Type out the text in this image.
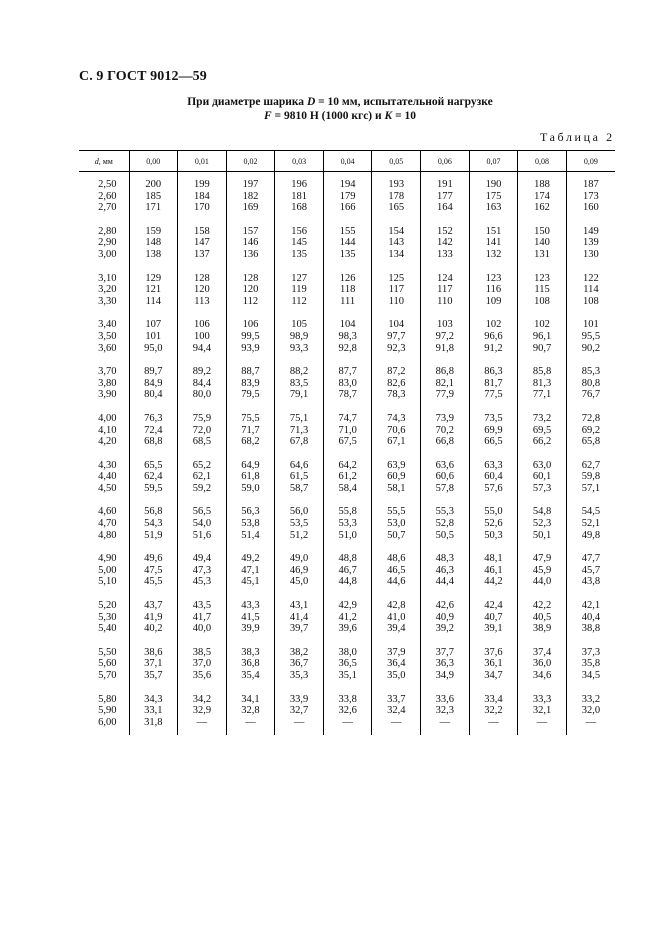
С. 9 ГОСТ 9012—59
При диаметре шарика D = 10 мм, испытательной нагрузке
F = 9810 Н (1000 кгс) и K = 10
Таблица 2
d, мм	0,00	0,01	0,02	0,03	0,04	0,05	0,06	0,07	0,08	0,09

2,50	200	199	197	196	194	193	191	190	188	187
2,60	185	184	182	181	179	178	177	175	174	173
2,70	171	170	169	168	166	165	164	163	162	160

2,80	159	158	157	156	155	154	152	151	150	149
2,90	148	147	146	145	144	143	142	141	140	139
3,00	138	137	136	135	135	134	133	132	131	130

3,10	129	128	128	127	126	125	124	123	123	122
3,20	121	120	120	119	118	117	117	116	115	114
3,30	114	113	112	112	111	110	110	109	108	108

3,40	107	106	106	105	104	104	103	102	102	101
3,50	101	100	99,5	98,9	98,3	97,7	97,2	96,6	96,1	95,5
3,60	95,0	94,4	93,9	93,3	92,8	92,3	91,8	91,2	90,7	90,2

3,70	89,7	89,2	88,7	88,2	87,7	87,2	86,8	86,3	85,8	85,3
3,80	84,9	84,4	83,9	83,5	83,0	82,6	82,1	81,7	81,3	80,8
3,90	80,4	80,0	79,5	79,1	78,7	78,3	77,9	77,5	77,1	76,7

4,00	76,3	75,9	75,5	75,1	74,7	74,3	73,9	73,5	73,2	72,8
4,10	72,4	72,0	71,7	71,3	71,0	70,6	70,2	69,9	69,5	69,2
4,20	68,8	68,5	68,2	67,8	67,5	67,1	66,8	66,5	66,2	65,8

4,30	65,5	65,2	64,9	64,6	64,2	63,9	63,6	63,3	63,0	62,7
4,40	62,4	62,1	61,8	61,5	61,2	60,9	60,6	60,4	60,1	59,8
4,50	59,5	59,2	59,0	58,7	58,4	58,1	57,8	57,6	57,3	57,1

4,60	56,8	56,5	56,3	56,0	55,8	55,5	55,3	55,0	54,8	54,5
4,70	54,3	54,0	53,8	53,5	53,3	53,0	52,8	52,6	52,3	52,1
4,80	51,9	51,6	51,4	51,2	51,0	50,7	50,5	50,3	50,1	49,8

4,90	49,6	49,4	49,2	49,0	48,8	48,6	48,3	48,1	47,9	47,7
5,00	47,5	47,3	47,1	46,9	46,7	46,5	46,3	46,1	45,9	45,7
5,10	45,5	45,3	45,1	45,0	44,8	44,6	44,4	44,2	44,0	43,8

5,20	43,7	43,5	43,3	43,1	42,9	42,8	42,6	42,4	42,2	42,1
5,30	41,9	41,7	41,5	41,4	41,2	41,0	40,9	40,7	40,5	40,4
5,40	40,2	40,0	39,9	39,7	39,6	39,4	39,2	39,1	38,9	38,8

5,50	38,6	38,5	38,3	38,2	38,0	37,9	37,7	37,6	37,4	37,3
5,60	37,1	37,0	36,8	36,7	36,5	36,4	36,3	36,1	36,0	35,8
5,70	35,7	35,6	35,4	35,3	35,1	35,0	34,9	34,7	34,6	34,5

5,80	34,3	34,2	34,1	33,9	33,8	33,7	33,6	33,4	33,3	33,2
5,90	33,1	32,9	32,8	32,7	32,6	32,4	32,3	32,2	32,1	32,0
6,00	31,8	—	—	—	—	—	—	—	—	—
